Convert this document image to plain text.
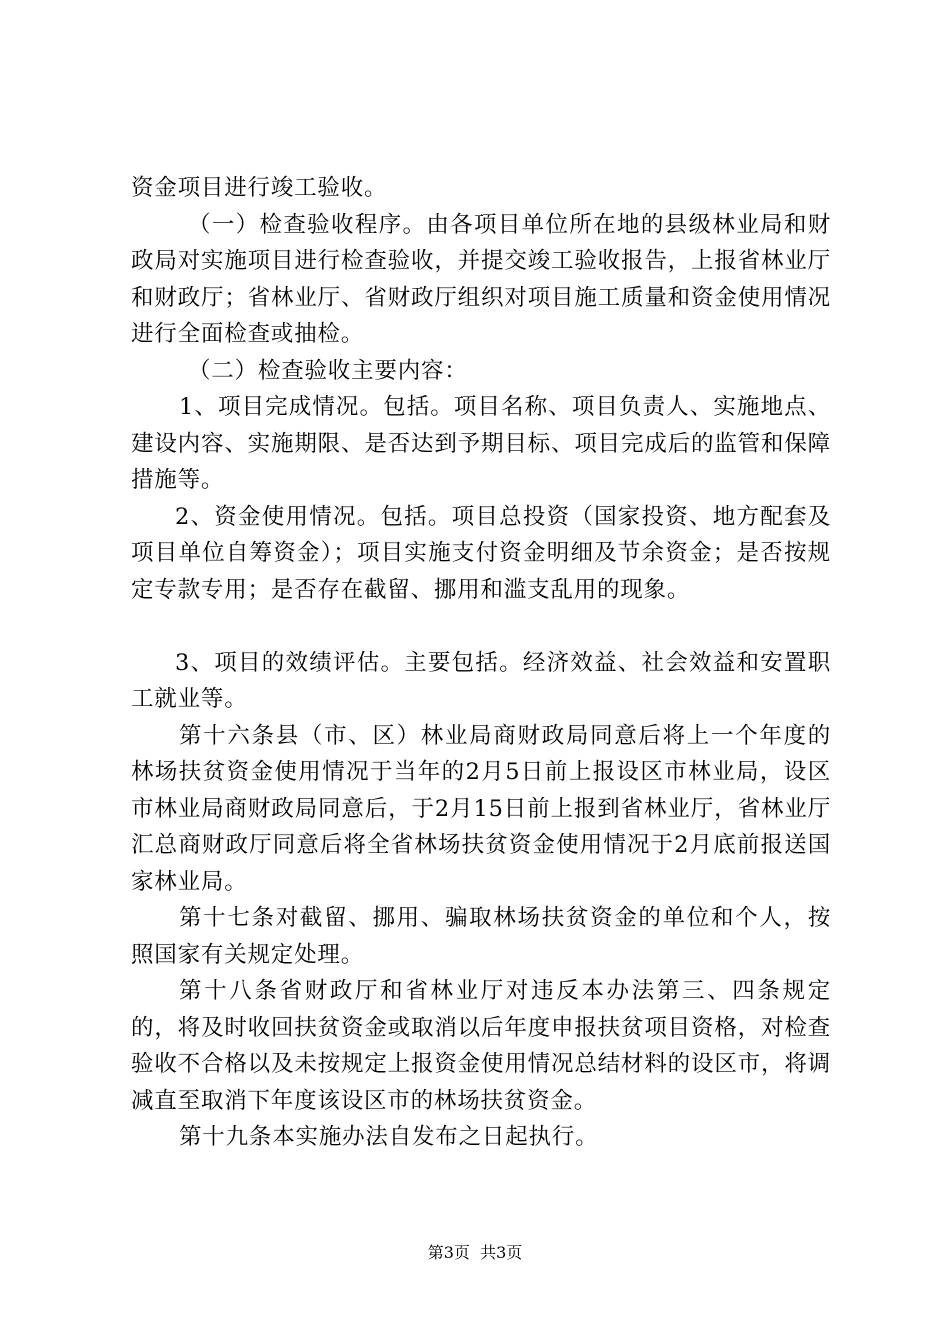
资金项目进行竣工验收。

（一）检查验收程序。由各项目单位所在地的县级林业局和财政局对实施项目进行检查验收，并提交竣工验收报告，上报省林业厅和财政厅；省林业厅、省财政厅组织对项目施工质量和资金使用情况进行全面检查或抽检。

（二）检查验收主要内容：

1、项目完成情况。包括。项目名称、项目负责人、实施地点、建设内容、实施期限、是否达到予期目标、项目完成后的监管和保障措施等。

2、资金使用情况。包括。项目总投资（国家投资、地方配套及项目单位自筹资金）；项目实施支付资金明细及节余资金；是否按规定专款专用；是否存在截留、挪用和滥支乱用的现象。

3、项目的效绩评估。主要包括。经济效益、社会效益和安置职工就业等。

第十六条县（市、区）林业局商财政局同意后将上一个年度的林场扶贫资金使用情况于当年的2月5日前上报设区市林业局，设区市林业局商财政局同意后，于2月15日前上报到省林业厅，省林业厅汇总商财政厅同意后将全省林场扶贫资金使用情况于2月底前报送国家林业局。

第十七条对截留、挪用、骗取林场扶贫资金的单位和个人，按照国家有关规定处理。

第十八条省财政厅和省林业厅对违反本办法第三、四条规定的，将及时收回扶贫资金或取消以后年度申报扶贫项目资格，对检查验收不合格以及未按规定上报资金使用情况总结材料的设区市，将调减直至取消下年度该设区市的林场扶贫资金。

第十九条本实施办法自发布之日起执行。

第3页  共3页
